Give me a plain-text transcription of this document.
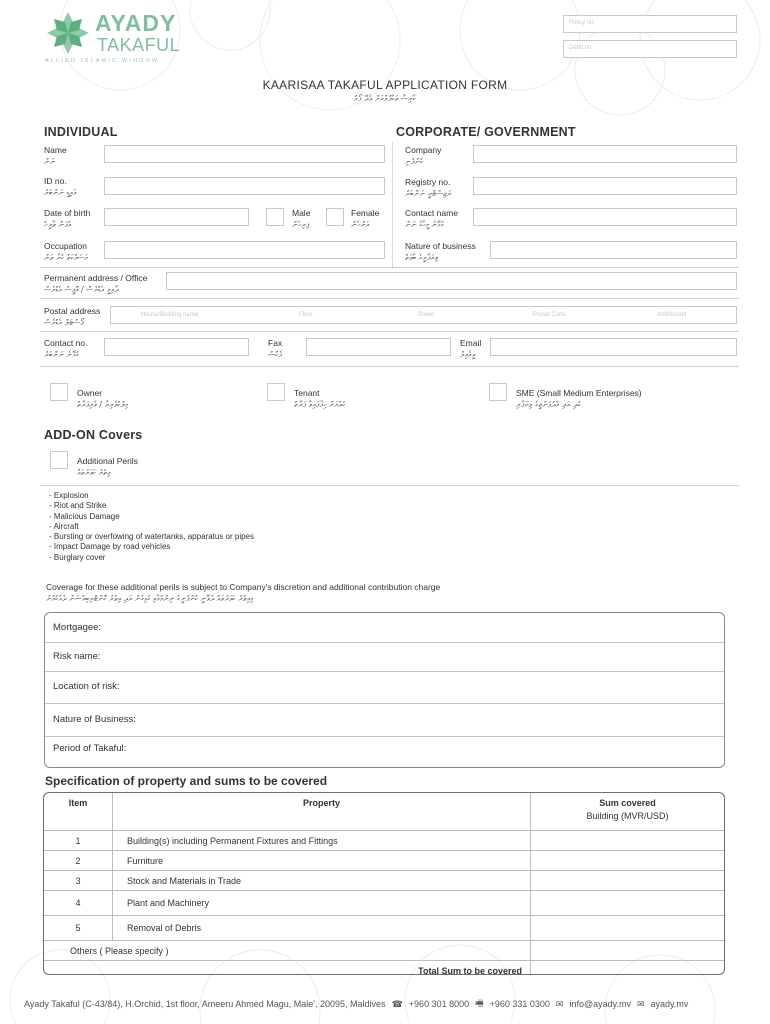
AYADY
TAKAFUL
ALLIED ISLAMIC WINDOW
Policy no.
Debit no.
KAARISAA TAKAFUL APPLICATION FORM
ކާރިސާ ތަކާފުލްއަށް އެދޭ ފޯމު
INDIVIDUAL	CORPORATE/ GOVERNMENT
Name
ނަން
ID no.
އައިޑީ ނަންބަރު
Date of birth
އުފަން ތާރީޚު
Male
ފިރިހެން
Female
އަންހެން
Occupation
މަސައްކަތް ކުރާ ތަން
Company
ކުންފުނި
Registry no.
ރަޖިސްޓްރީ ނަންބަރު
Contact name
ގުޅޭނެ މީހާގެ ނަން
Nature of business
ވިޔަފާރީގެ ބާވަތް
Permanent address / Office
ދާއިމީ އެޑްރެސް / އޮފީސް އެޑްރެސް
Postal address
ޕޯސްޓަލް އެޑްރެސް
House/Building name	Floor	Street	Postal Code	Atoll/Island
Contact no.
ގުޅޭނެ ނަންބަރު
Fax
ފެކްސް
Email
އީމެއިލް
Owner
މިލްކުވެރިޔާ / ވެރިފަރާތް
Tenant
ކުއްޔަށް ހިފާފައިވާ ފަރާތް
SME (Small Medium Enterprises)
ކުދި އަދި މެދުފަންތީގެ ވިޔަފާރި
ADD-ON Covers
Additional Perils
އިތުރު ކަވަރުތައް
- Explosion
- Riot and Strike
- Malicious Damage
- Aircraft
- Bursting or overfowing of watertanks, apparatus or pipes
- Impact Damage by road vehicles
- Burglary cover
Coverage for these additional perils is subject to Company's discretion and additional contribution charge
މިއިތުރު ކަވަރުތައް ދެވޭނީ ކުންފުނީގެ ނިންމުމާއި ގުޅިގެން އަދި އިތުރު ކޮންޓްރިބިއުޝަން ދެއްކުމުން
Mortgagee:
Risk name:
Location of risk:
Nature of Business:
Period of Takaful:
Specification of property and sums to be covered
Item	Property	Sum covered
Building (MVR/USD)
1	Building(s) including Permanent Fixtures and Fittings	
2	Furniture	
3	Stock and Materials in Trade	
4	Plant and Machinery	
5	Removal of Debris	
Others ( Please specify )		
Total Sum to be covered		
Ayady Takaful (C-43/84), H.Orchid, 1st floor, Ameeru Ahmed Magu, Male', 20095, Maldives ☎ +960 301 8000 🖷 +960 331 0300 ✉ info@ayady.mv ✉ ayady.mv
